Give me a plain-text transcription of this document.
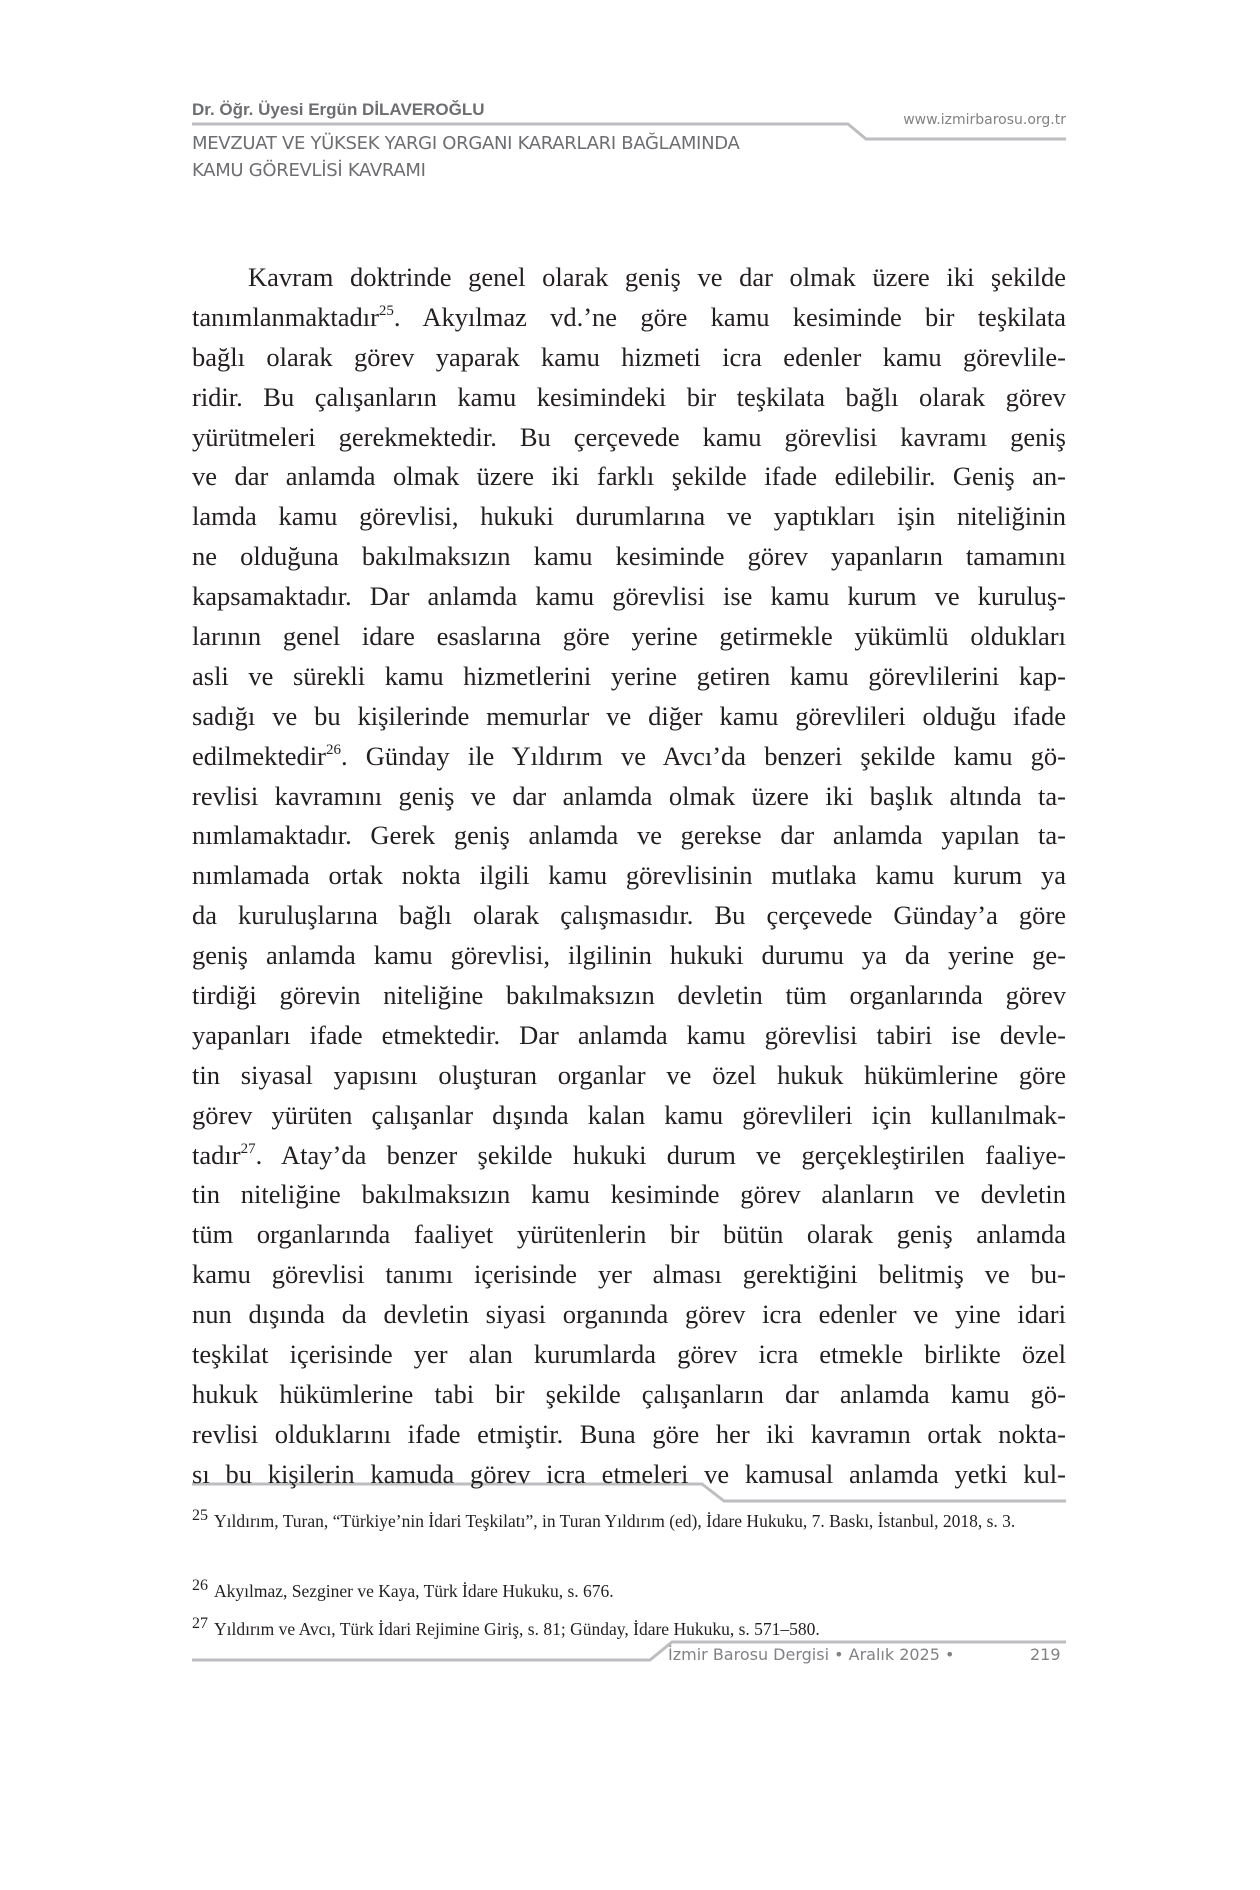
Dr. Öğr. Üyesi Ergün DİLAVEROĞLU
MEVZUAT VE YÜKSEK YARGI ORGANI KARARLARI BAĞLAMINDA
KAMU GÖREVLİSİ KAVRAMI
www.izmirbarosu.org.tr
Kavram doktrinde genel olarak geniş ve dar olmak üzere iki şekilde
tanımlanmaktadır$^{25}$. Akyılmaz vd.’ne göre kamu kesiminde bir teşkilata
bağlı olarak görev yaparak kamu hizmeti icra edenler kamu görevlile-
ridir. Bu çalışanların kamu kesimindeki bir teşkilata bağlı olarak görev
yürütmeleri gerekmektedir. Bu çerçevede kamu görevlisi kavramı geniş
ve dar anlamda olmak üzere iki farklı şekilde ifade edilebilir. Geniş an-
lamda kamu görevlisi, hukuki durumlarına ve yaptıkları işin niteliğinin
ne olduğuna bakılmaksızın kamu kesiminde görev yapanların tamamını
kapsamaktadır. Dar anlamda kamu görevlisi ise kamu kurum ve kuruluş-
larının genel idare esaslarına göre yerine getirmekle yükümlü oldukları
asli ve sürekli kamu hizmetlerini yerine getiren kamu görevlilerini kap-
sadığı ve bu kişilerinde memurlar ve diğer kamu görevlileri olduğu ifade
edilmektedir$^{26}$. Günday ile Yıldırım ve Avcı’da benzeri şekilde kamu gö-
revlisi kavramını geniş ve dar anlamda olmak üzere iki başlık altında ta-
nımlamaktadır. Gerek geniş anlamda ve gerekse dar anlamda yapılan ta-
nımlamada ortak nokta ilgili kamu görevlisinin mutlaka kamu kurum ya
da kuruluşlarına bağlı olarak çalışmasıdır. Bu çerçevede Günday’a göre
geniş anlamda kamu görevlisi, ilgilinin hukuki durumu ya da yerine ge-
tirdiği görevin niteliğine bakılmaksızın devletin tüm organlarında görev
yapanları ifade etmektedir. Dar anlamda kamu görevlisi tabiri ise devle-
tin siyasal yapısını oluşturan organlar ve özel hukuk hükümlerine göre
görev yürüten çalışanlar dışında kalan kamu görevlileri için kullanılmak-
tadır$^{27}$. Atay’da benzer şekilde hukuki durum ve gerçekleştirilen faaliye-
tin niteliğine bakılmaksızın kamu kesiminde görev alanların ve devletin
tüm organlarında faaliyet yürütenlerin bir bütün olarak geniş anlamda
kamu görevlisi tanımı içerisinde yer alması gerektiğini belitmiş ve bu-
nun dışında da devletin siyasi organında görev icra edenler ve yine idari
teşkilat içerisinde yer alan kurumlarda görev icra etmekle birlikte özel
hukuk hükümlerine tabi bir şekilde çalışanların dar anlamda kamu gö-
revlisi olduklarını ifade etmiştir. Buna göre her iki kavramın ortak nokta-
sı bu kişilerin kamuda görev icra etmeleri ve kamusal anlamda yetki kul-
25 Yıldırım, Turan, “Türkiye’nin İdari Teşkilatı”, in Turan Yıldırım (ed), İdare Hukuku, 7. Baskı, İstanbul, 2018, s. 3.
26 Akyılmaz, Sezginer ve Kaya, Türk İdare Hukuku, s. 676.
27 Yıldırım ve Avcı, Türk İdari Rejimine Giriş, s. 81; Günday, İdare Hukuku, s. 571–580.
İzmir Barosu Dergisi • Aralık 2025 •	219
